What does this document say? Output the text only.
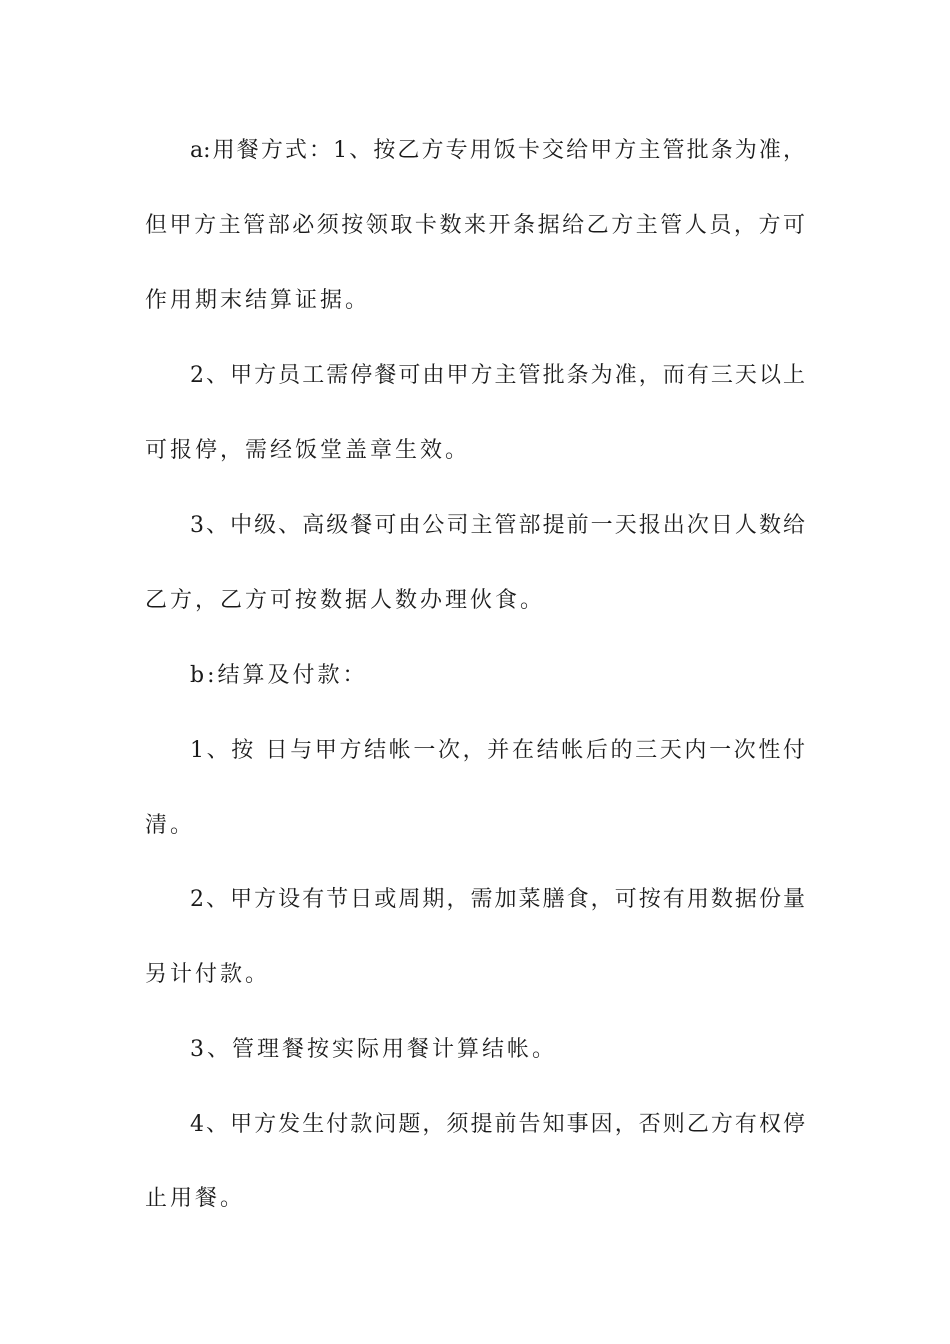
a:用餐方式：1、按乙方专用饭卡交给甲方主管批条为准，
但甲方主管部必须按领取卡数来开条据给乙方主管人员，方可
作用期末结算证据。
2、甲方员工需停餐可由甲方主管批条为准，而有三天以上
可报停，需经饭堂盖章生效。
3、中级、高级餐可由公司主管部提前一天报出次日人数给
乙方，乙方可按数据人数办理伙食。
b:结算及付款：
1、按 日与甲方结帐一次，并在结帐后的三天内一次性付
清。
2、甲方设有节日或周期，需加菜膳食，可按有用数据份量
另计付款。
3、管理餐按实际用餐计算结帐。
4、甲方发生付款问题，须提前告知事因，否则乙方有权停
止用餐。
